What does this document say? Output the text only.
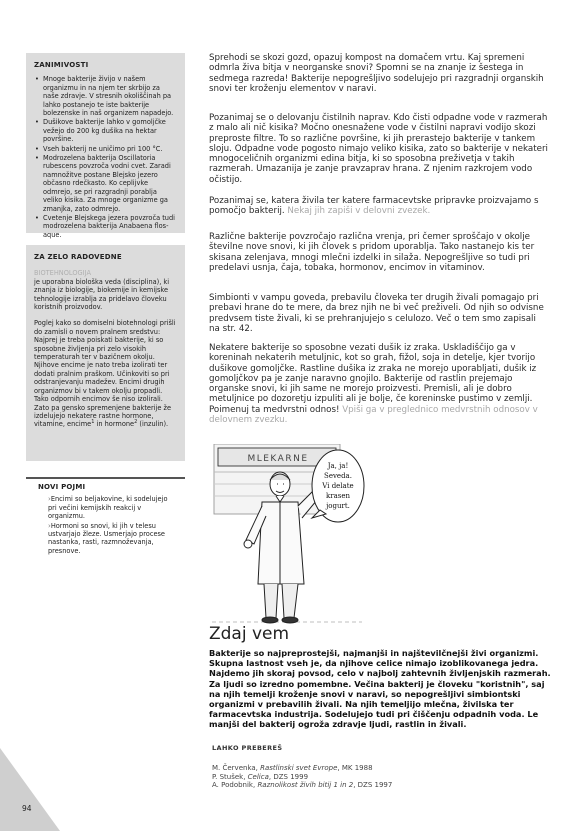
ZANIMIVOSTI
• Mnoge bakterije živijo v našem organizmu in na njem ter skrbijo za naše zdravje. V stresnih okoliščinah pa lahko postanejo te iste bakterije bolezenske in naš organizem napadejo.
• Dušikove bakterije lahko v gomoljčke vežejo do 200 kg dušika na hektar površine.
• Vseh bakterij ne uničimo pri 100 °C.
• Modrozelena bakterija Oscillatoria rubescens povzroča vodni cvet. Zaradi namnožitve postane Blejsko jezero občasno rdečkasto. Ko ceplijvke odmrejo, se pri razgradnji porablja veliko kisika. Za mnoge organizme ga zmanjka, zato odmrejo.
• Cvetenje Blejskega jezera povzroča tudi modrozelena bakterija Anabaena flos-aque.
ZA ZELO RADOVEDNE
BIOTEHNOLOGIJA

je uporabna biološka veda (disciplina), ki znanja iz biologije, biokemije in kemijske tehnologije izrablja za pridelavo človeku koristnih proizvodov.

Poglej kako so domiselni biotehnologi prišli do zamisli o novem pralnem sredstvu: Najprej je treba poiskati bakterije, ki so sposobne življenja pri zelo visokih temperaturah ter v bazičnem okolju. Njihove encime je nato treba izolirati ter dodati pralnim praškom. Učinkoviti so pri odstranjevanju madežev. Encimi drugih organizmov bi v takem okolju propadli. Tako odpornih encimov še niso izolirali. Zato pa gensko spremenjene bakterije že izdelujejo nekatere rastne hormone, vitamine, encime$^1$ in hormone$^2$ (inzulin).

NOVI POJMI
› Encimi so beljakovine, ki sodelujejo pri večini kemijskih reakcij v organizmu.
› Hormoni so snovi, ki jih v telesu ustvarjajo žleze. Usmerjajo procese nastanka, rasti, razmnoževanja, presnove.

Sprehodi se skozi gozd, opazuj kompost na domačem vrtu. Kaj spremeni odmrla živa bitja v neorganske snovi? Spomni se na znanje iz šestega in sedmega razreda! Bakterije nepogrešljivo sodelujejo pri razgradnji organskih snovi ter kroženju elementov v naravi.

Pozanimaj se o delovanju čistilnih naprav. Kdo čisti odpadne vode v razmerah z malo ali nič kisika? Močno onesnažene vode v čistilni napravi vodijo skozi preproste filtre. To so različne površine, ki jih prerastejo bakterije v tankem sloju. Odpadne vode pogosto nimajo veliko kisika, zato so bakterije v nekateri mnogoceličnih organizmi edina bitja, ki so sposobna preživetja v takih razmerah. Umazanija je zanje pravzaprav hrana. Z njenim razkrojem vodo očistijo.

Pozanimaj se, katera živila ter katere farmacevtske pripravke proizvajamo s pomočjo bakterij. Nekaj jih zapiši v delovni zvezek.

Različne bakterije povzročajo različna vrenja, pri čemer sproščajo v okolje številne nove snovi, ki jih človek s pridom uporablja. Tako nastanejo kis ter skisana zelenjava, mnogi mlečni izdelki in silaža. Nepogrešljive so tudi pri predelavi usnja, čaja, tobaka, hormonov, encimov in vitaminov.

Simbionti v vampu goveda, prebavilu človeka ter drugih živali pomagajo pri prebavi hrane do te mere, da brez njih ne bi več preživeli. Od njih so odvisne predvsem tiste živali, ki se prehranjujejo s celulozo. Več o tem smo zapisali na str. 42.

Nekatere bakterije so sposobne vezati dušik iz zraka. Uskladiščijo ga v koreninah nekaterih metuljnic, kot so grah, fižol, soja in detelje, kjer tvorijo dušikove gomoljčke. Rastline dušika iz zraka ne morejo uporabljati, dušik iz gomoljčkov pa je zanje naravno gnojilo. Bakterije od rastlin prejemajo organske snovi, ki jih same ne morejo proizvesti. Premisli, ali je dobro metuljnice po dozoretju izpuliti ali je bolje, če koreninske pustimo v zemlji. Poimenuj ta medvrstni odnos! Vpiši ga v preglednico medvrstnih odnosov v delovnem zvezku.

MLEKARNE
Ja, ja!
Seveda.
Vi delate
krasen
jogurt.
Zdaj vem
Bakterije so najpreprostejši, najmanjši in najštevilčnejši živi organizmi. Skupna lastnost vseh je, da njihove celice nimajo izoblikovanega jedra. Najdemo jih skoraj povsod, celo v najbolj zahtevnih življenjskih razmerah. Za ljudi so izredno pomembne. Večina bakterij je človeku "koristnih", saj na njih temelji kroženje snovi v naravi, so nepogrešljivi simbiontski organizmi v prebavilih živali. Na njih temeljijo mlečna, živilska ter farmacevtska industrija. Sodelujejo tudi pri čiščenju odpadnih voda. Le manjši del bakterij ogroža zdravje ljudi, rastlin in živali.
LAHKO PREBEREŠ
M. Červenka, Rastlinski svet Evrope, MK 1988
P. Stušek, Celica, DZS 1999
A. Podobnik, Raznolikost živih bitij 1 in 2, DZS 1997
94
